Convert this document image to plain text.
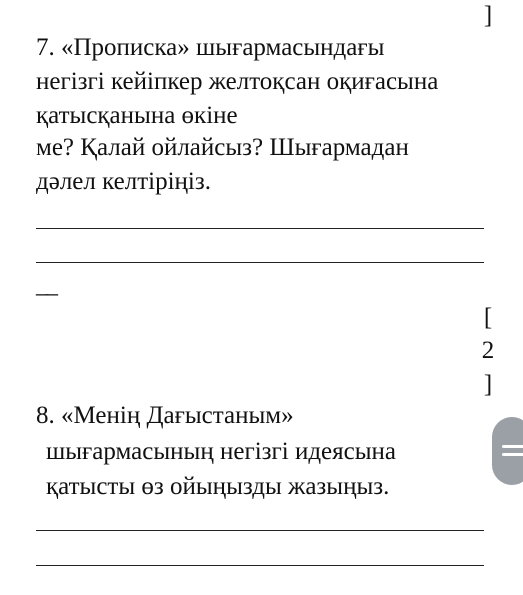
]
7. «Прописка» шығармасындағы
негізгі кейіпкер желтоқсан оқиғасына
қатысқанына өкіне
ме? Қалай ойлайсыз? Шығармадан
дәлел келтіріңіз.
__
[
2
]
8. «Менің Дағыстаным»
шығармасының негізгі идеясына
қатысты өз ойыңызды жазыңыз.
